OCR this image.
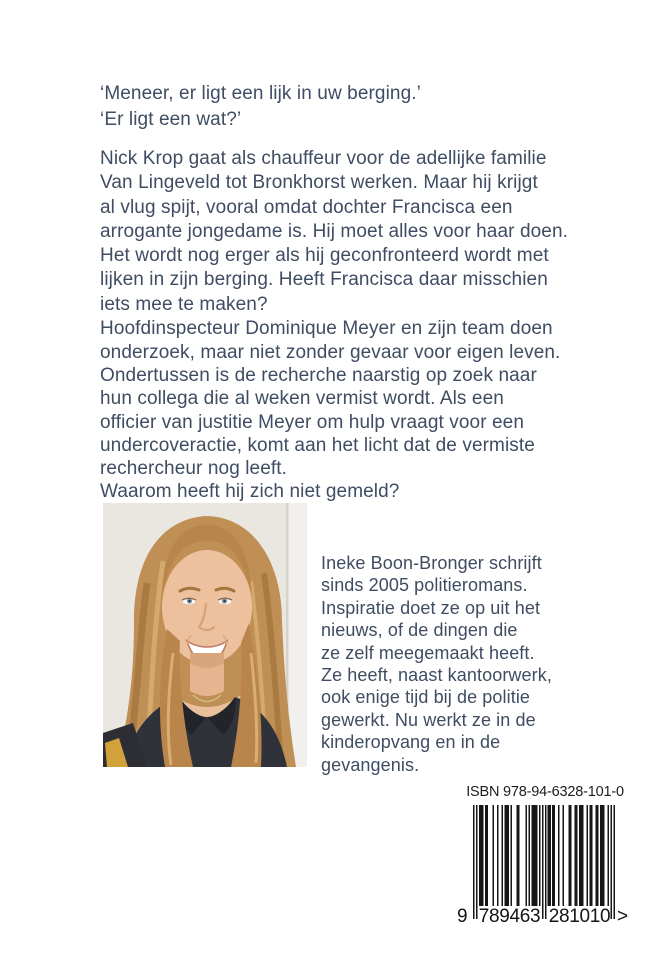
‘Meneer, er ligt een lijk in uw berging.’
‘Er ligt een wat?’
Nick Krop gaat als chauffeur voor de adellijke familie
Van Lingeveld tot Bronkhorst werken. Maar hij krijgt
al vlug spijt, vooral omdat dochter Francisca een
arrogante jongedame is. Hij moet alles voor haar doen.
Het wordt nog erger als hij geconfronteerd wordt met
lijken in zijn berging. Heeft Francisca daar misschien
iets mee te maken?
Hoofdinspecteur Dominique Meyer en zijn team doen
onderzoek, maar niet zonder gevaar voor eigen leven.
Ondertussen is de recherche naarstig op zoek naar
hun collega die al weken vermist wordt. Als een
officier van justitie Meyer om hulp vraagt voor een
undercoveractie, komt aan het licht dat de vermiste
rechercheur nog leeft.
Waarom heeft hij zich niet gemeld?
Ineke Boon-Bronger schrijft
sinds 2005 politieromans.
Inspiratie doet ze op uit het
nieuws, of de dingen die
ze zelf meegemaakt heeft.
Ze heeft, naast kantoorwerk,
ook enige tijd bij de politie
gewerkt. Nu werkt ze in de
kinderopvang en in de
gevangenis.
ISBN 978-94-6328-101-0
9 789463 281010 >
